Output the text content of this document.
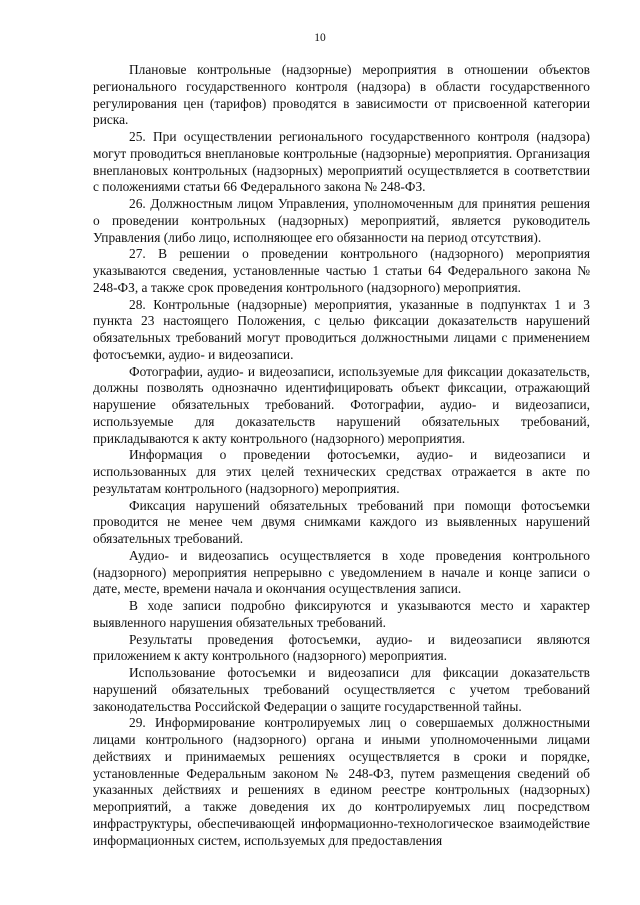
10

Плановые контрольные (надзорные) мероприятия в отношении объектов регионального государственного контроля (надзора) в области государственного регулирования цен (тарифов) проводятся в зависимости от присвоенной категории риска.

25. При осуществлении регионального государственного контроля (надзора) могут проводиться внеплановые контрольные (надзорные) мероприятия. Организация внеплановых контрольных (надзорных) мероприятий осуществляется в соответствии с положениями статьи 66 Федерального закона № 248-ФЗ.

26. Должностным лицом Управления, уполномоченным для принятия решения о проведении контрольных (надзорных) мероприятий, является руководитель Управления (либо лицо, исполняющее его обязанности на период отсутствия).

27. В решении о проведении контрольного (надзорного) мероприятия указываются сведения, установленные частью 1 статьи 64 Федерального закона № 248-ФЗ, а также срок проведения контрольного (надзорного) мероприятия.

28. Контрольные (надзорные) мероприятия, указанные в подпунктах 1 и 3 пункта 23 настоящего Положения, с целью фиксации доказательств нарушений обязательных требований могут проводиться должностными лицами с применением фотосъемки, аудио- и видеозаписи.

Фотографии, аудио- и видеозаписи, используемые для фиксации доказательств, должны позволять однозначно идентифицировать объект фиксации, отражающий нарушение обязательных требований. Фотографии, аудио- и видеозаписи, используемые для доказательств нарушений обязательных требований, прикладываются к акту контрольного (надзорного) мероприятия.

Информация о проведении фотосъемки, аудио- и видеозаписи и использованных для этих целей технических средствах отражается в акте по результатам контрольного (надзорного) мероприятия.

Фиксация нарушений обязательных требований при помощи фотосъемки проводится не менее чем двумя снимками каждого из выявленных нарушений обязательных требований.

Аудио- и видеозапись осуществляется в ходе проведения контрольного (надзорного) мероприятия непрерывно с уведомлением в начале и конце записи о дате, месте, времени начала и окончания осуществления записи.

В ходе записи подробно фиксируются и указываются место и характер выявленного нарушения обязательных требований.

Результаты проведения фотосъемки, аудио- и видеозаписи являются приложением к акту контрольного (надзорного) мероприятия.

Использование фотосъемки и видеозаписи для фиксации доказательств нарушений обязательных требований осуществляется с учетом требований законодательства Российской Федерации о защите государственной тайны.

29. Информирование контролируемых лиц о совершаемых должностными лицами контрольного (надзорного) органа и иными уполномоченными лицами действиях и принимаемых решениях осуществляется в сроки и порядке, установленные Федеральным законом № 248-ФЗ, путем размещения сведений об указанных действиях и решениях в едином реестре контрольных (надзорных) мероприятий, а также доведения их до контролируемых лиц посредством инфраструктуры, обеспечивающей информационно-технологическое взаимодействие информационных систем, используемых для предоставления
